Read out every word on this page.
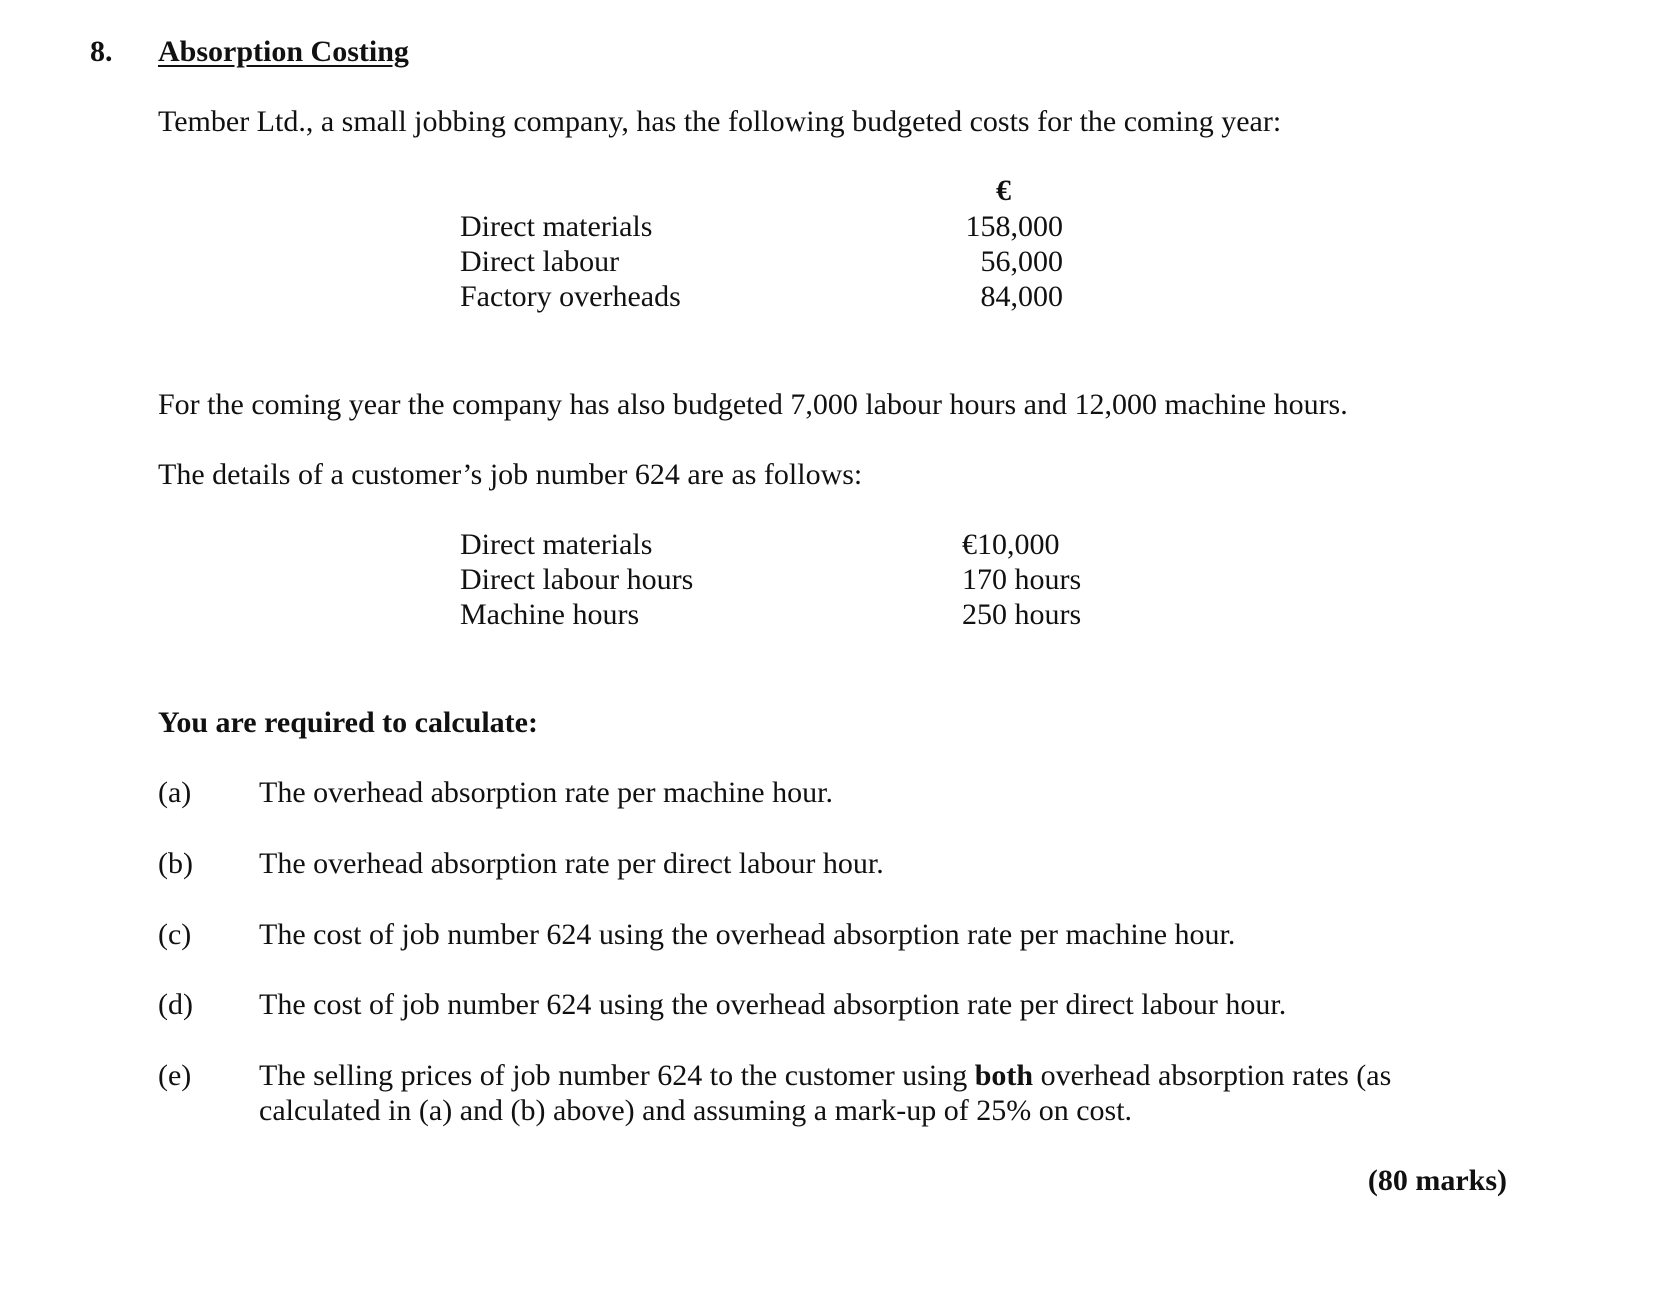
8. Absorption Costing
Tember Ltd., a small jobbing company, has the following budgeted costs for the coming year:
€
Direct materials	158,000
Direct labour	56,000
Factory overheads	84,000
For the coming year the company has also budgeted 7,000 labour hours and 12,000 machine hours.
The details of a customer’s job number 624 are as follows:
Direct materials	€10,000
Direct labour hours	170 hours
Machine hours	250 hours
You are required to calculate:
(a) The overhead absorption rate per machine hour.
(b) The overhead absorption rate per direct labour hour.
(c) The cost of job number 624 using the overhead absorption rate per machine hour.
(d) The cost of job number 624 using the overhead absorption rate per direct labour hour.
(e) The selling prices of job number 624 to the customer using both overhead absorption rates (as
calculated in (a) and (b) above) and assuming a mark-up of 25% on cost.
(80 marks)
